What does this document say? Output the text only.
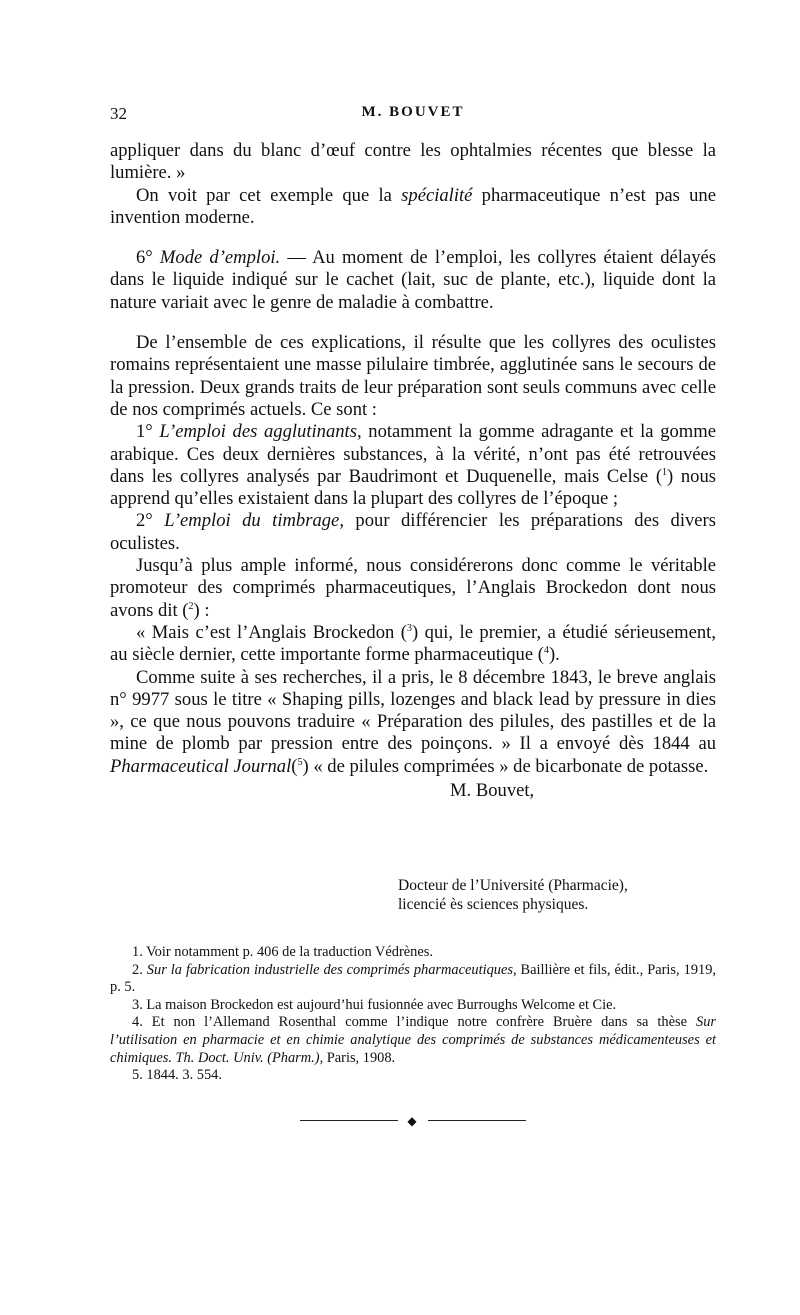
32	M. BOUVET

appliquer dans du blanc d’œuf contre les ophtalmies récentes que blesse la lumière. »

On voit par cet exemple que la spécialité pharmaceutique n’est pas une invention moderne.

6° Mode d’emploi. — Au moment de l’emploi, les collyres étaient délayés dans le liquide indiqué sur le cachet (lait, suc de plante, etc.), liquide dont la nature variait avec le genre de maladie à combattre.

De l’ensemble de ces explications, il résulte que les collyres des oculistes romains représentaient une masse pilulaire timbrée, agglutinée sans le secours de la pression. Deux grands traits de leur préparation sont seuls communs avec celle de nos comprimés actuels. Ce sont :

1° L’emploi des agglutinants, notamment la gomme adragante et la gomme arabique. Ces deux dernières substances, à la vérité, n’ont pas été retrouvées dans les collyres analysés par Baudrimont et Duquenelle, mais Celse ($^1$) nous apprend qu’elles existaient dans la plupart des collyres de l’époque ;

2° L’emploi du timbrage, pour différencier les préparations des divers oculistes.

Jusqu’à plus ample informé, nous considérerons donc comme le véritable promoteur des comprimés pharmaceutiques, l’Anglais Brockedon dont nous avons dit ($^2$) :

« Mais c’est l’Anglais Brockedon ($^3$) qui, le premier, a étudié sérieusement, au siècle dernier, cette importante forme pharmaceutique ($^4$).

Comme suite à ses recherches, il a pris, le 8 décembre 1843, le breve anglais n° 9977 sous le titre « Shaping pills, lozenges and black lead by pressure in dies », ce que nous pouvons traduire « Préparation des pilules, des pastilles et de la mine de plomb par pression entre des poinçons. » Il a envoyé dès 1844 au Pharmaceutical Journal($^5$) « de pilules comprimées » de bicarbonate de potasse.

M. Bouvet,

Docteur de l’Université (Pharmacie),

licencié ès sciences physiques.

1. Voir notamment p. 406 de la traduction Védrènes.

2. Sur la fabrication industrielle des comprimés pharmaceutiques, Baillière et fils, édit., Paris, 1919, p. 5.

3. La maison Brockedon est aujourd’hui fusionnée avec Burroughs Welcome et Cie.

4. Et non l’Allemand Rosenthal comme l’indique notre confrère Bruère dans sa thèse Sur l’utilisation en pharmacie et en chimie analytique des comprimés de substances médicamenteuses et chimiques. Th. Doct. Univ. (Pharm.), Paris, 1908.

5. 1844. 3. 554.

◆
